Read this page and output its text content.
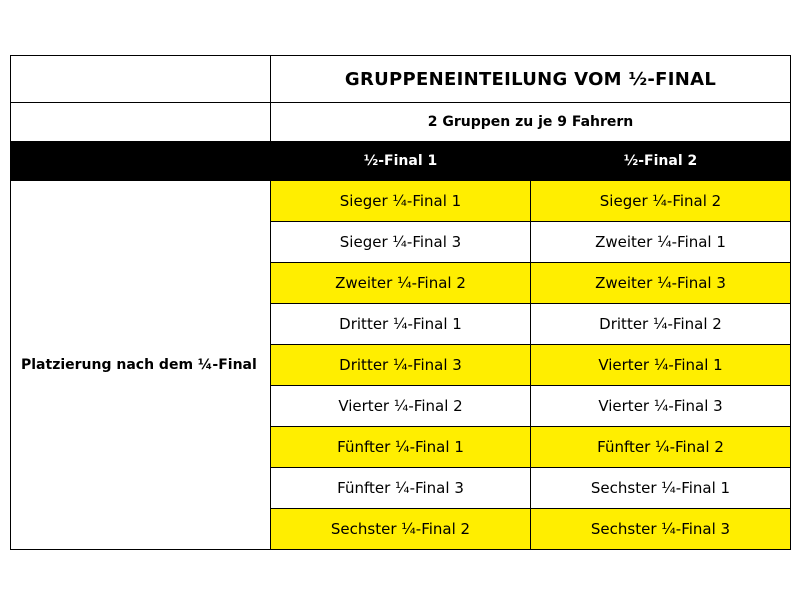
	GRUPPENEINTEILUNG VOM ½-FINAL	
	2 Gruppen zu je 9 Fahrern	
	½-Final 1	½-Final 2
Platzierung nach dem ¼-Final	Sieger ¼-Final 1	Sieger ¼-Final 2
	Sieger ¼-Final 3	Zweiter ¼-Final 1
	Zweiter ¼-Final 2	Zweiter ¼-Final 3
	Dritter ¼-Final 1	Dritter ¼-Final 2
	Dritter ¼-Final 3	Vierter ¼-Final 1
	Vierter ¼-Final 2	Vierter ¼-Final 3
	Fünfter ¼-Final 1	Fünfter ¼-Final 2
	Fünfter ¼-Final 3	Sechster ¼-Final 1
	Sechster ¼-Final 2	Sechster ¼-Final 3
